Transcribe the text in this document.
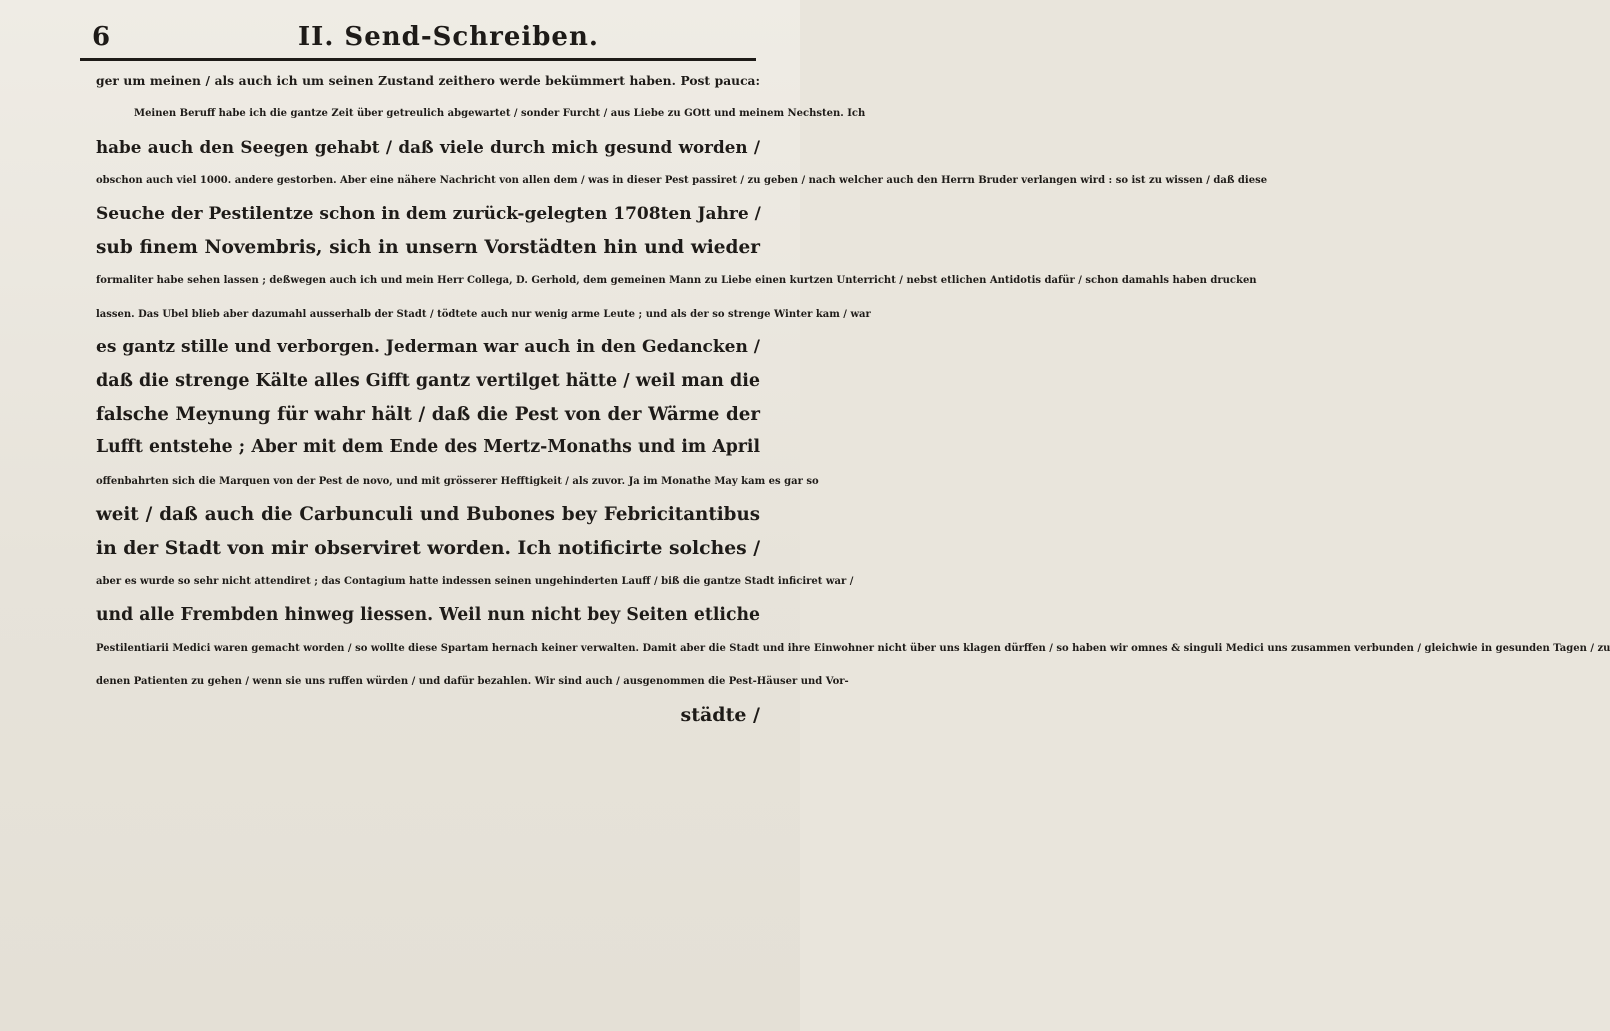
6	II. Send-Schreiben.
ger um meinen / als auch ich um seinen Zustand zeithero werde bekümmert haben. Post pauca:
Meinen Beruff habe ich die gantze Zeit über getreulich abgewartet / sonder Furcht / aus Liebe zu GOtt und meinem Nechsten. Ich
habe auch den Seegen gehabt / daß viele durch mich gesund worden /
obschon auch viel 1000. andere gestorben. Aber eine nähere Nachricht von allen dem / was in dieser Pest passiret / zu geben / nach welcher auch den Herrn Bruder verlangen wird : so ist zu wissen / daß diese
Seuche der Pestilentze schon in dem zurück-gelegten 1708ten Jahre /
sub finem Novembris, sich in unsern Vorstädten hin und wieder
formaliter habe sehen lassen ; deßwegen auch ich und mein Herr Collega, D. Gerhold, dem gemeinen Mann zu Liebe einen kurtzen Unterricht / nebst etlichen Antidotis dafür / schon damahls haben drucken
lassen. Das Ubel blieb aber dazumahl ausserhalb der Stadt / tödtete auch nur wenig arme Leute ; und als der so strenge Winter kam / war
es gantz stille und verborgen. Jederman war auch in den Gedancken /
daß die strenge Kälte alles Gifft gantz vertilget hätte / weil man die
falsche Meynung für wahr hält / daß die Pest von der Wärme der
Lufft entstehe ; Aber mit dem Ende des Mertz-Monaths und im April
offenbahrten sich die Marquen von der Pest de novo, und mit grösserer Hefftigkeit / als zuvor. Ja im Monathe May kam es gar so
weit / daß auch die Carbunculi und Bubones bey Febricitantibus
in der Stadt von mir observiret worden. Ich notificirte solches /
aber es wurde so sehr nicht attendiret ; das Contagium hatte indessen seinen ungehinderten Lauff / biß die gantze Stadt inficiret war /
und alle Frembden hinweg liessen. Weil nun nicht bey Seiten etliche
Pestilentiarii Medici waren gemacht worden / so wollte diese Spartam hernach keiner verwalten. Damit aber die Stadt und ihre Einwohner nicht über uns klagen dürffen / so haben wir omnes & singuli Medici uns zusammen verbunden / gleichwie in gesunden Tagen / zu
denen Patienten zu gehen / wenn sie uns ruffen würden / und dafür bezahlen. Wir sind auch / ausgenommen die Pest-Häuser und Vor-
städte /
